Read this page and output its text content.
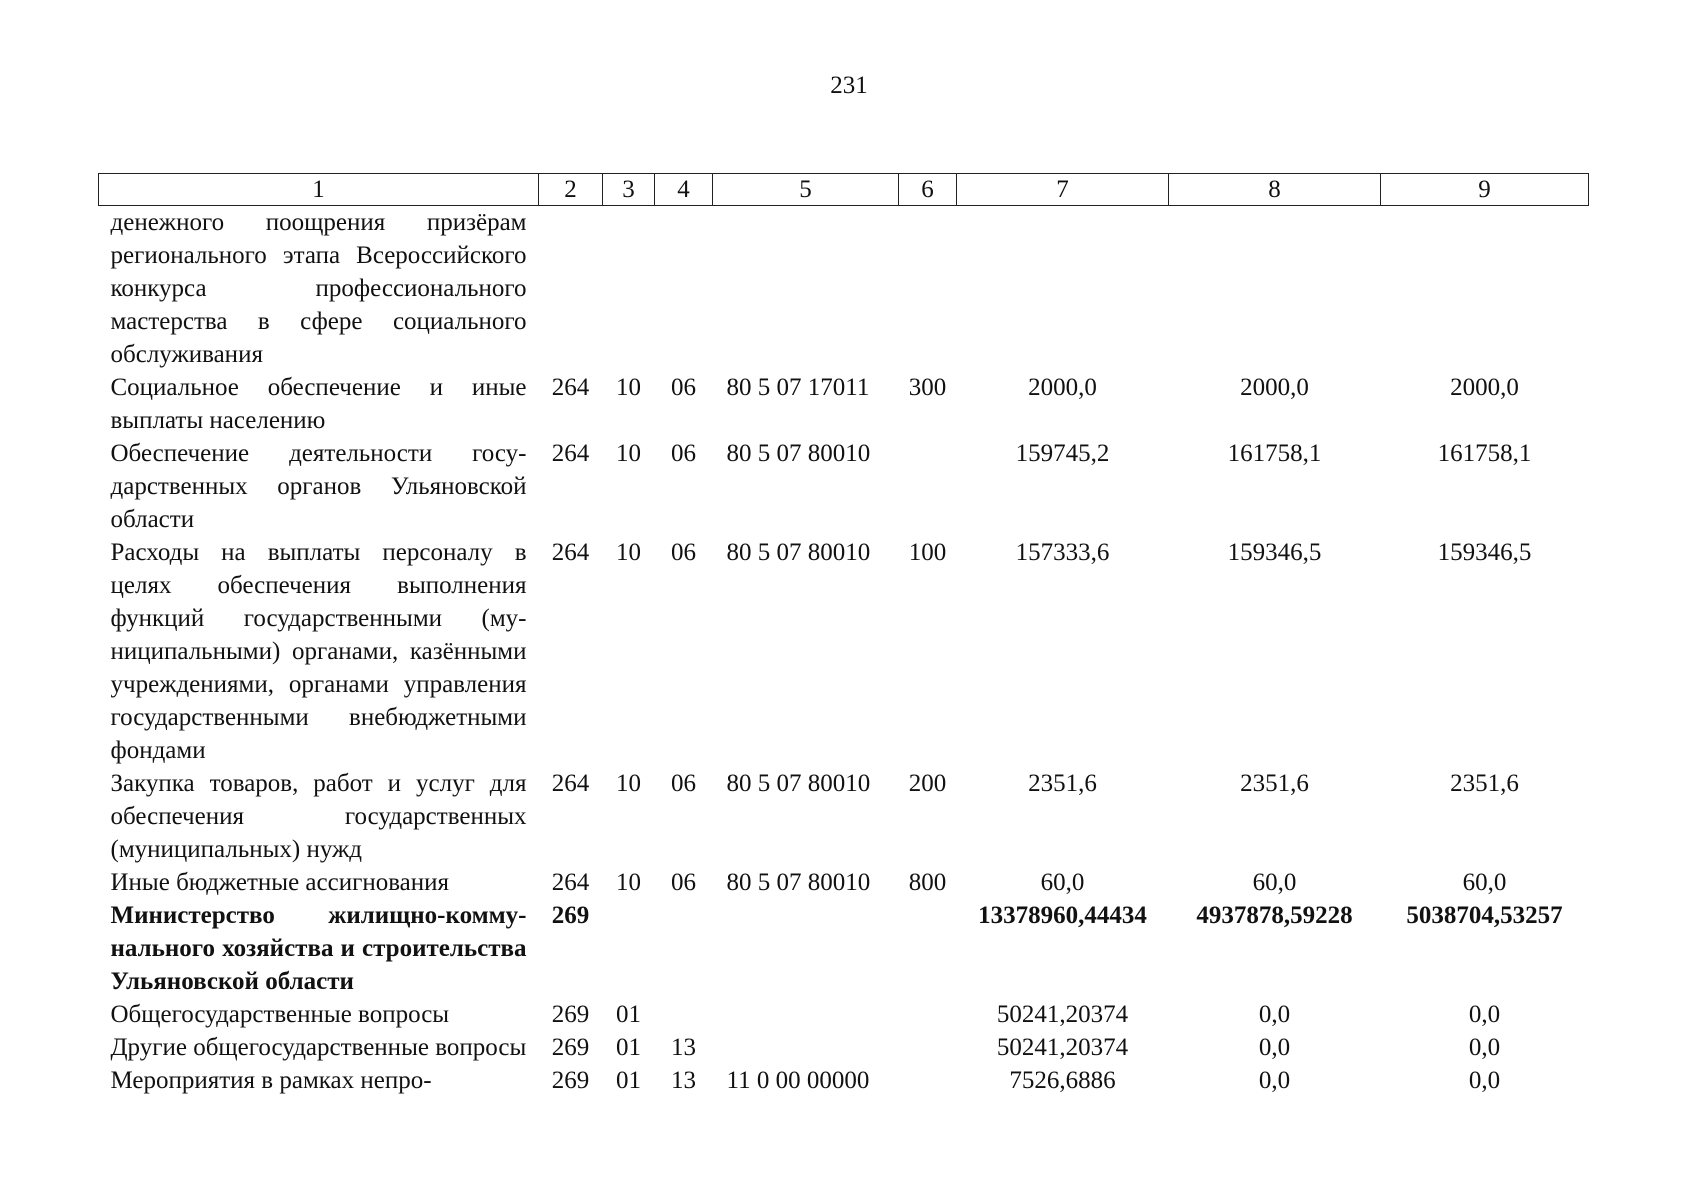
231
1	2	3	4	5	6	7	8	9
денежного поощрения призёрам регионального этапа Всероссийского конкурса профессионального мастерства в сфере социального обслуживания								
Социальное обеспечение и иные выплаты населению	264	10	06	80 5 07 17011	300	2000,0	2000,0	2000,0
Обеспечение деятельности государственных органов Ульяновской области	264	10	06	80 5 07 80010		159745,2	161758,1	161758,1
Расходы на выплаты персоналу в целях обеспечения выполнения функций государственными (муниципальными) органами, казёнными учреждениями, органами управления государственными внебюджетными фондами	264	10	06	80 5 07 80010	100	157333,6	159346,5	159346,5
Закупка товаров, работ и услуг для обеспечения государственных (муниципальных) нужд	264	10	06	80 5 07 80010	200	2351,6	2351,6	2351,6
Иные бюджетные ассигнования	264	10	06	80 5 07 80010	800	60,0	60,0	60,0
Министерство жилищно-коммунального хозяйства и строительства Ульяновской области	269					13378960,44434	4937878,59228	5038704,53257
Общегосударственные вопросы	269	01				50241,20374	0,0	0,0
Другие общегосударственные вопросы	269	01	13			50241,20374	0,0	0,0
Мероприятия в рамках непро-	269	01	13	11 0 00 00000		7526,6886	0,0	0,0
